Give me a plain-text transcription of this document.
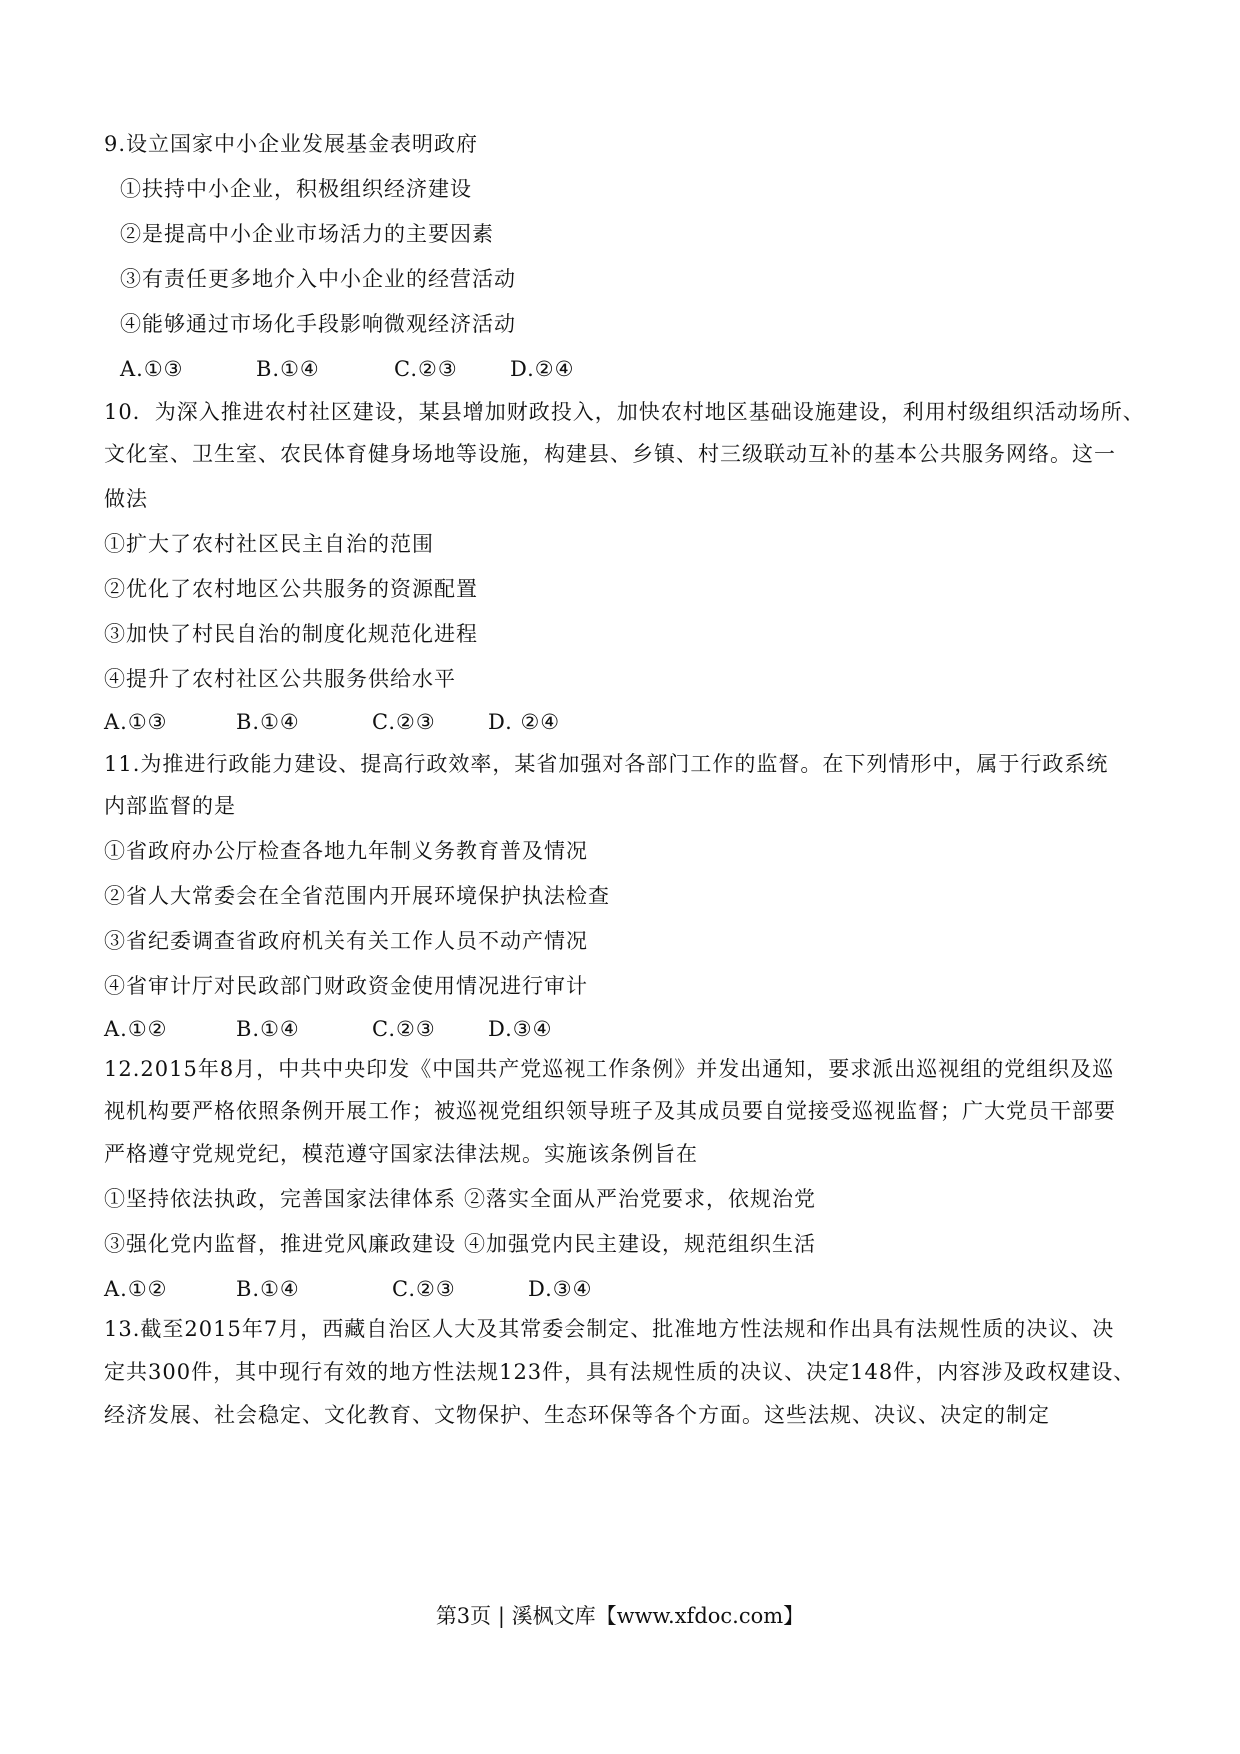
9.设立国家中小企业发展基金表明政府
①扶持中小企业，积极组织经济建设
②是提高中小企业市场活力的主要因素
③有责任更多地介入中小企业的经营活动
④能够通过市场化手段影响微观经济活动
A.①③	B.①④	C.②③ D.②④
10．为深入推进农村社区建设，某县增加财政投入，加快农村地区基础设施建设，利用村级组织活动场所、
文化室、卫生室、农民体育健身场地等设施，构建县、乡镇、村三级联动互补的基本公共服务网络。这一
做法
①扩大了农村社区民主自治的范围
②优化了农村地区公共服务的资源配置
③加快了村民自治的制度化规范化进程
④提升了农村社区公共服务供给水平
A.①③	B.①④	C.②③ D. ②④
11.为推进行政能力建设、提高行政效率，某省加强对各部门工作的监督。在下列情形中，属于行政系统
内部监督的是
①省政府办公厅检查各地九年制义务教育普及情况
②省人大常委会在全省范围内开展环境保护执法检查
③省纪委调查省政府机关有关工作人员不动产情况
④省审计厅对民政部门财政资金使用情况进行审计
A.①②	B.①④	C.②③ D.③④
12.2015年8月，中共中央印发《中国共产党巡视工作条例》并发出通知，要求派出巡视组的党组织及巡
视机构要严格依照条例开展工作；被巡视党组织领导班子及其成员要自觉接受巡视监督；广大党员干部要
严格遵守党规党纪，模范遵守国家法律法规。实施该条例旨在
①坚持依法执政，完善国家法律体系 ②落实全面从严治党要求，依规治党
③强化党内监督，推进党风廉政建设 ④加强党内民主建设，规范组织生活
A.①②	B.①④	C.②③	D.③④
13.截至2015年7月，西藏自治区人大及其常委会制定、批准地方性法规和作出具有法规性质的决议、决
定共300件，其中现行有效的地方性法规123件，具有法规性质的决议、决定148件，内容涉及政权建设、
经济发展、社会稳定、文化教育、文物保护、生态环保等各个方面。这些法规、决议、决定的制定
第3页 | 溪枫文库【www.xfdoc.com】
